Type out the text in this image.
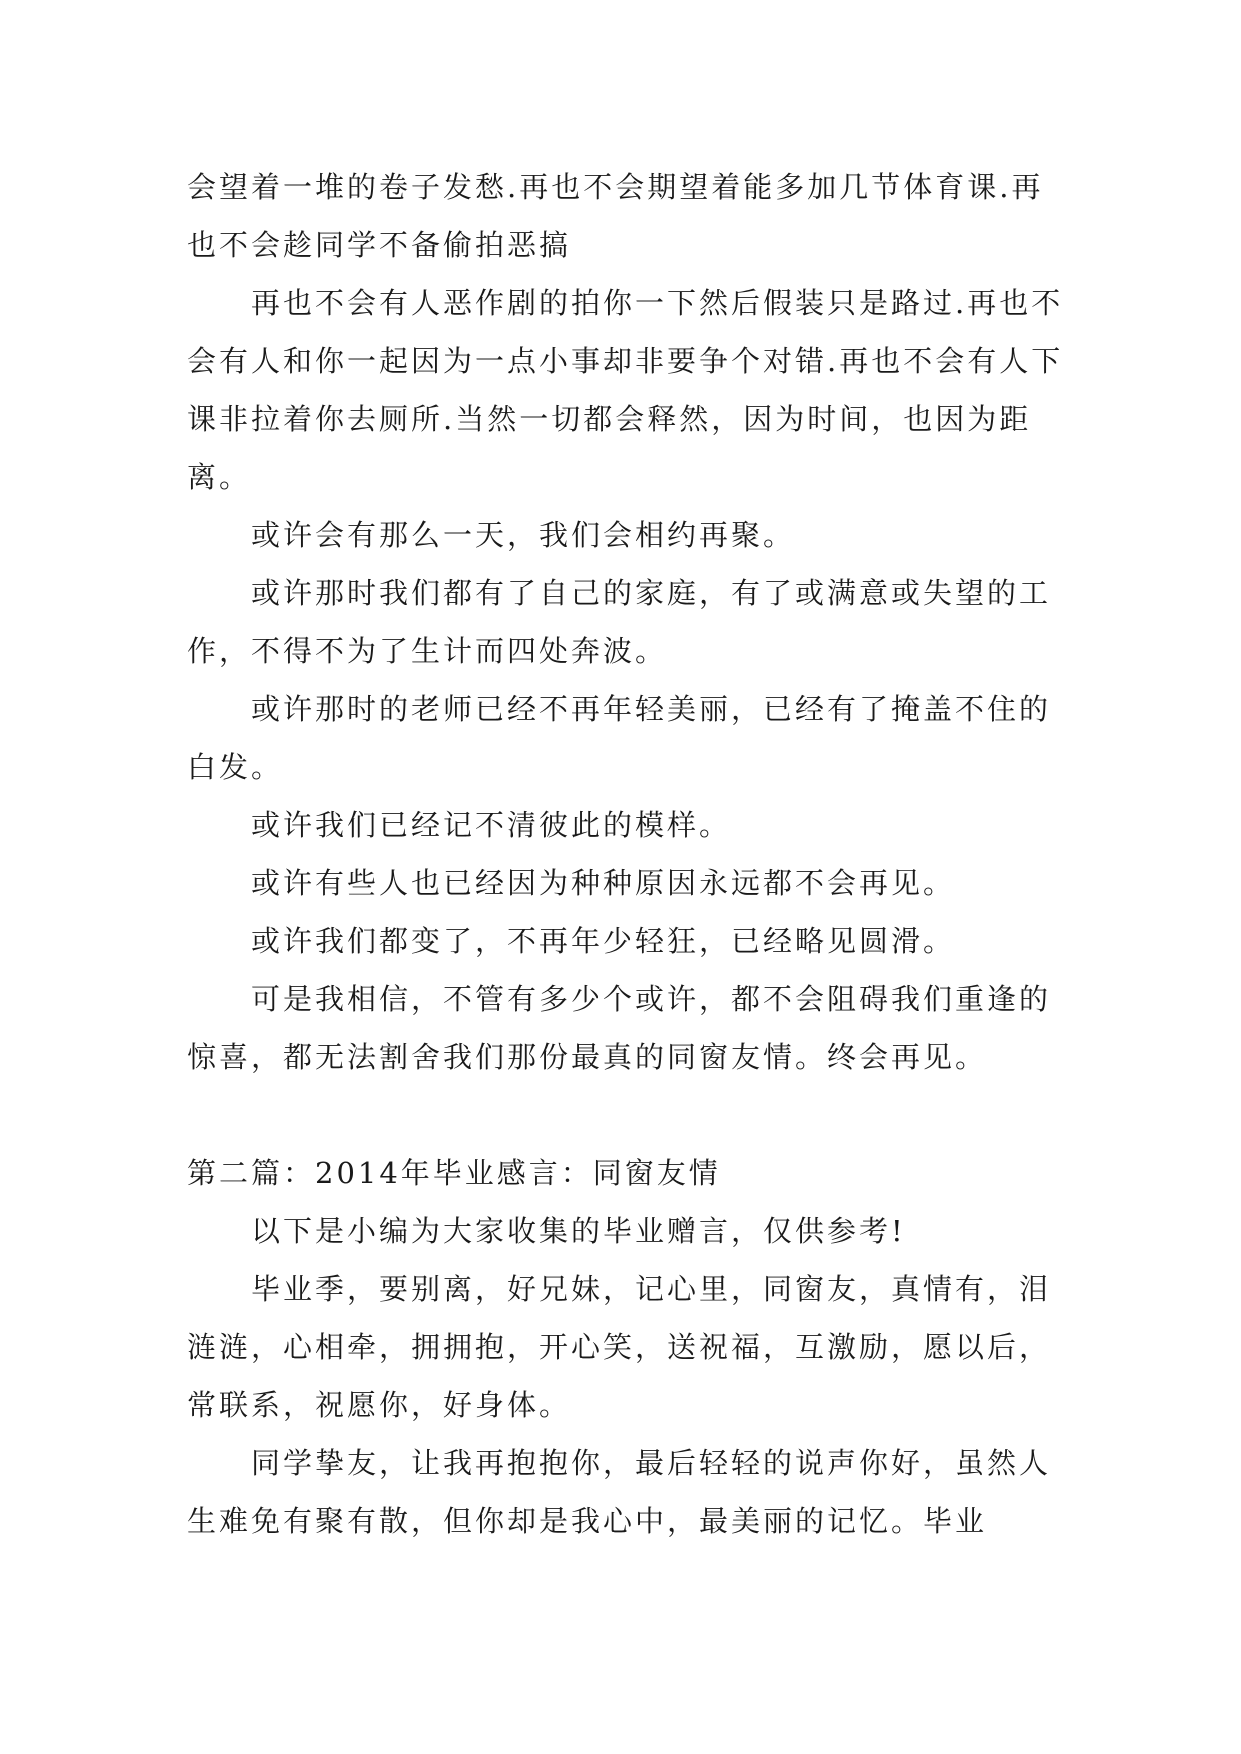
会望着一堆的卷子发愁.再也不会期望着能多加几节体育课.再也不会趁同学不备偷拍恶搞

再也不会有人恶作剧的拍你一下然后假装只是路过.再也不会有人和你一起因为一点小事却非要争个对错.再也不会有人下课非拉着你去厕所.当然一切都会释然，因为时间，也因为距离。

或许会有那么一天，我们会相约再聚。

或许那时我们都有了自己的家庭，有了或满意或失望的工作，不得不为了生计而四处奔波。

或许那时的老师已经不再年轻美丽，已经有了掩盖不住的白发。

或许我们已经记不清彼此的模样。

或许有些人也已经因为种种原因永远都不会再见。

或许我们都变了，不再年少轻狂，已经略见圆滑。

可是我相信，不管有多少个或许，都不会阻碍我们重逢的惊喜，都无法割舍我们那份最真的同窗友情。终会再见。

第二篇：2014年毕业感言：同窗友情

以下是小编为大家收集的毕业赠言，仅供参考!

毕业季，要别离，好兄妹，记心里，同窗友，真情有，泪涟涟，心相牵，拥拥抱，开心笑，送祝福，互激励，愿以后，常联系，祝愿你，好身体。

同学挚友，让我再抱抱你，最后轻轻的说声你好，虽然人生难免有聚有散，但你却是我心中，最美丽的记忆。毕业
